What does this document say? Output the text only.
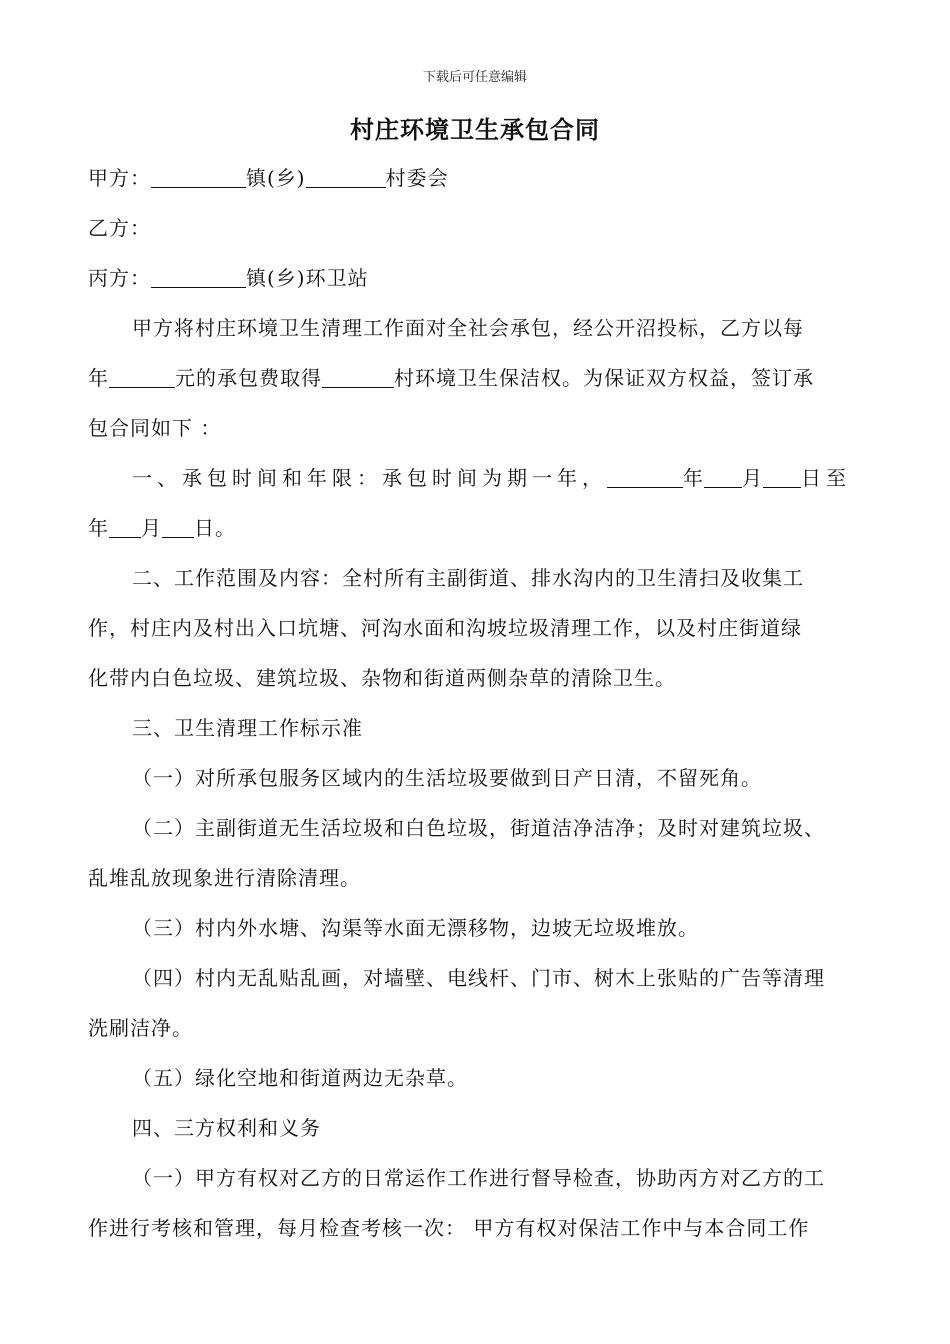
下载后可任意编辑
村庄环境卫生承包合同
甲方：	镇(乡)	村委会
乙方：
丙方：	镇(乡)环卫站
甲方将村庄环境卫生清理工作面对全社会承包，经公开沼投标，乙方以每
年	元的承包费取得	村环境卫生保洁权。为保证双方权益，签订承
包合同如下 ：
一、承包时间和年限：承包时间为期一年，	年 月 日至
年 月 日。
二、工作范围及内容：全村所有主副街道、排水沟内的卫生清扫及收集工
作，村庄内及村出入口坑塘、河沟水面和沟坡垃圾清理工作，以及村庄街道绿
化带内白色垃圾、建筑垃圾、杂物和街道两侧杂草的清除卫生。
三、卫生清理工作标示准
（一）对所承包服务区域内的生活垃圾要做到日产日清，不留死角。
（二）主副街道无生活垃圾和白色垃圾，街道洁净洁净；及时对建筑垃圾、
乱堆乱放现象进行清除清理。
（三）村内外水塘、沟渠等水面无漂移物，边坡无垃圾堆放。
（四）村内无乱贴乱画，对墙壁、电线杆、门市、树木上张贴的广告等清理
洗刷洁净。
（五）绿化空地和街道两边无杂草。
四、三方权利和义务
（一）甲方有权对乙方的日常运作工作进行督导检查，协助丙方对乙方的工
作进行考核和管理，每月检查考核一次： 甲方有权对保洁工作中与本合同工作
